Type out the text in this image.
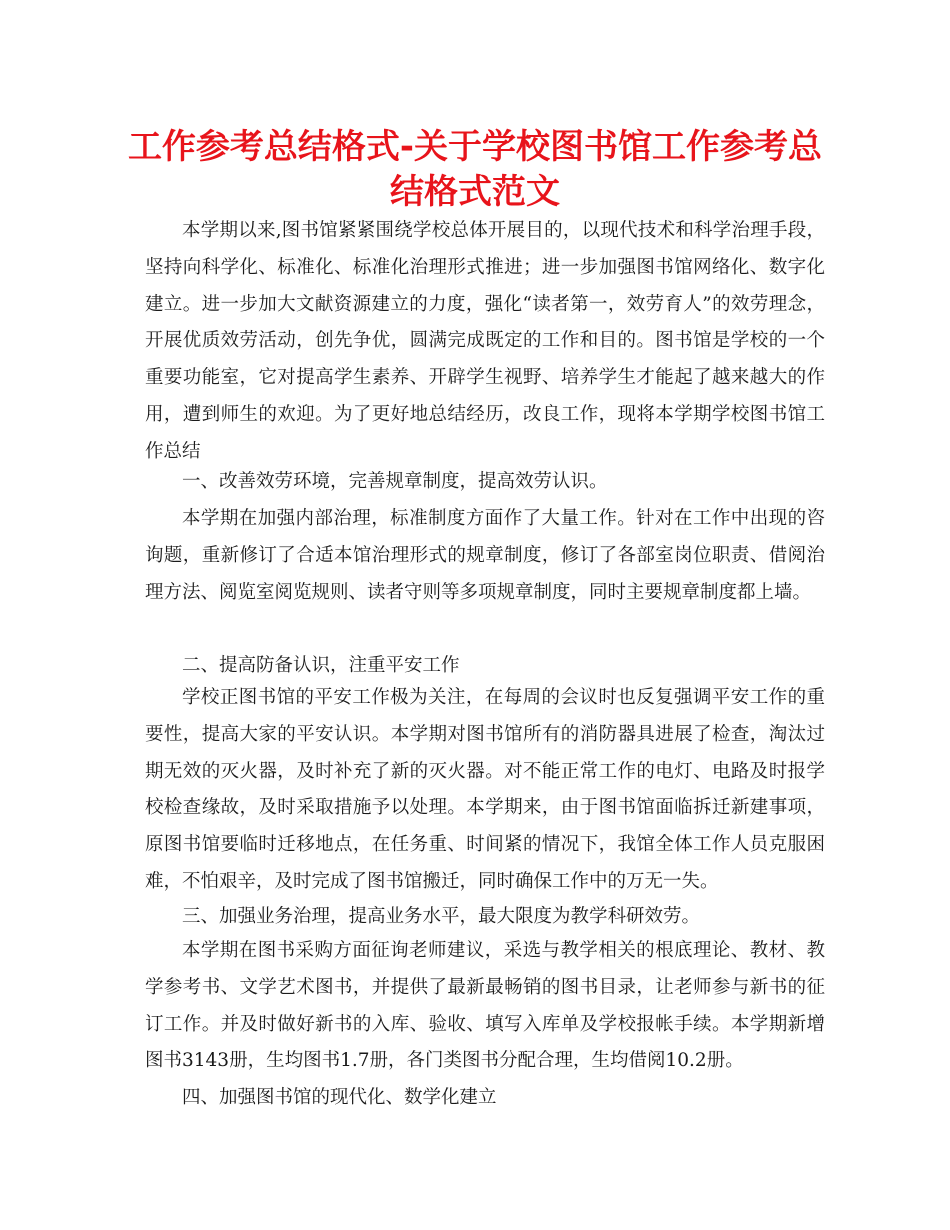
工作参考总结格式-关于学校图书馆工作参考总
结格式范文

本学期以来,图书馆紧紧围绕学校总体开展目的，以现代技术和科学治理手段，坚持向科学化、标准化、标准化治理形式推进；进一步加强图书馆网络化、数字化建立。进一步加大文献资源建立的力度，强化“读者第一，效劳育人”的效劳理念，开展优质效劳活动，创先争优，圆满完成既定的工作和目的。图书馆是学校的一个重要功能室，它对提高学生素养、开辟学生视野、培养学生才能起了越来越大的作用，遭到师生的欢迎。为了更好地总结经历，改良工作，现将本学期学校图书馆工作总结

一、改善效劳环境，完善规章制度，提高效劳认识。

本学期在加强内部治理，标准制度方面作了大量工作。针对在工作中出现的咨询题，重新修订了合适本馆治理形式的规章制度，修订了各部室岗位职责、借阅治理方法、阅览室阅览规则、读者守则等多项规章制度，同时主要规章制度都上墙。

二、提高防备认识，注重平安工作

学校正图书馆的平安工作极为关注，在每周的会议时也反复强调平安工作的重要性，提高大家的平安认识。本学期对图书馆所有的消防器具进展了检查，淘汰过期无效的灭火器，及时补充了新的灭火器。对不能正常工作的电灯、电路及时报学校检查缘故，及时采取措施予以处理。本学期来，由于图书馆面临拆迁新建事项，原图书馆要临时迁移地点，在任务重、时间紧的情况下，我馆全体工作人员克服困难，不怕艰辛，及时完成了图书馆搬迁，同时确保工作中的万无一失。

三、加强业务治理，提高业务水平，最大限度为教学科研效劳。

本学期在图书采购方面征询老师建议，采选与教学相关的根底理论、教材、教学参考书、文学艺术图书，并提供了最新最畅销的图书目录，让老师参与新书的征订工作。并及时做好新书的入库、验收、填写入库单及学校报帐手续。本学期新增图书3143册，生均图书1.7册，各门类图书分配合理，生均借阅10.2册。

四、加强图书馆的现代化、数学化建立
